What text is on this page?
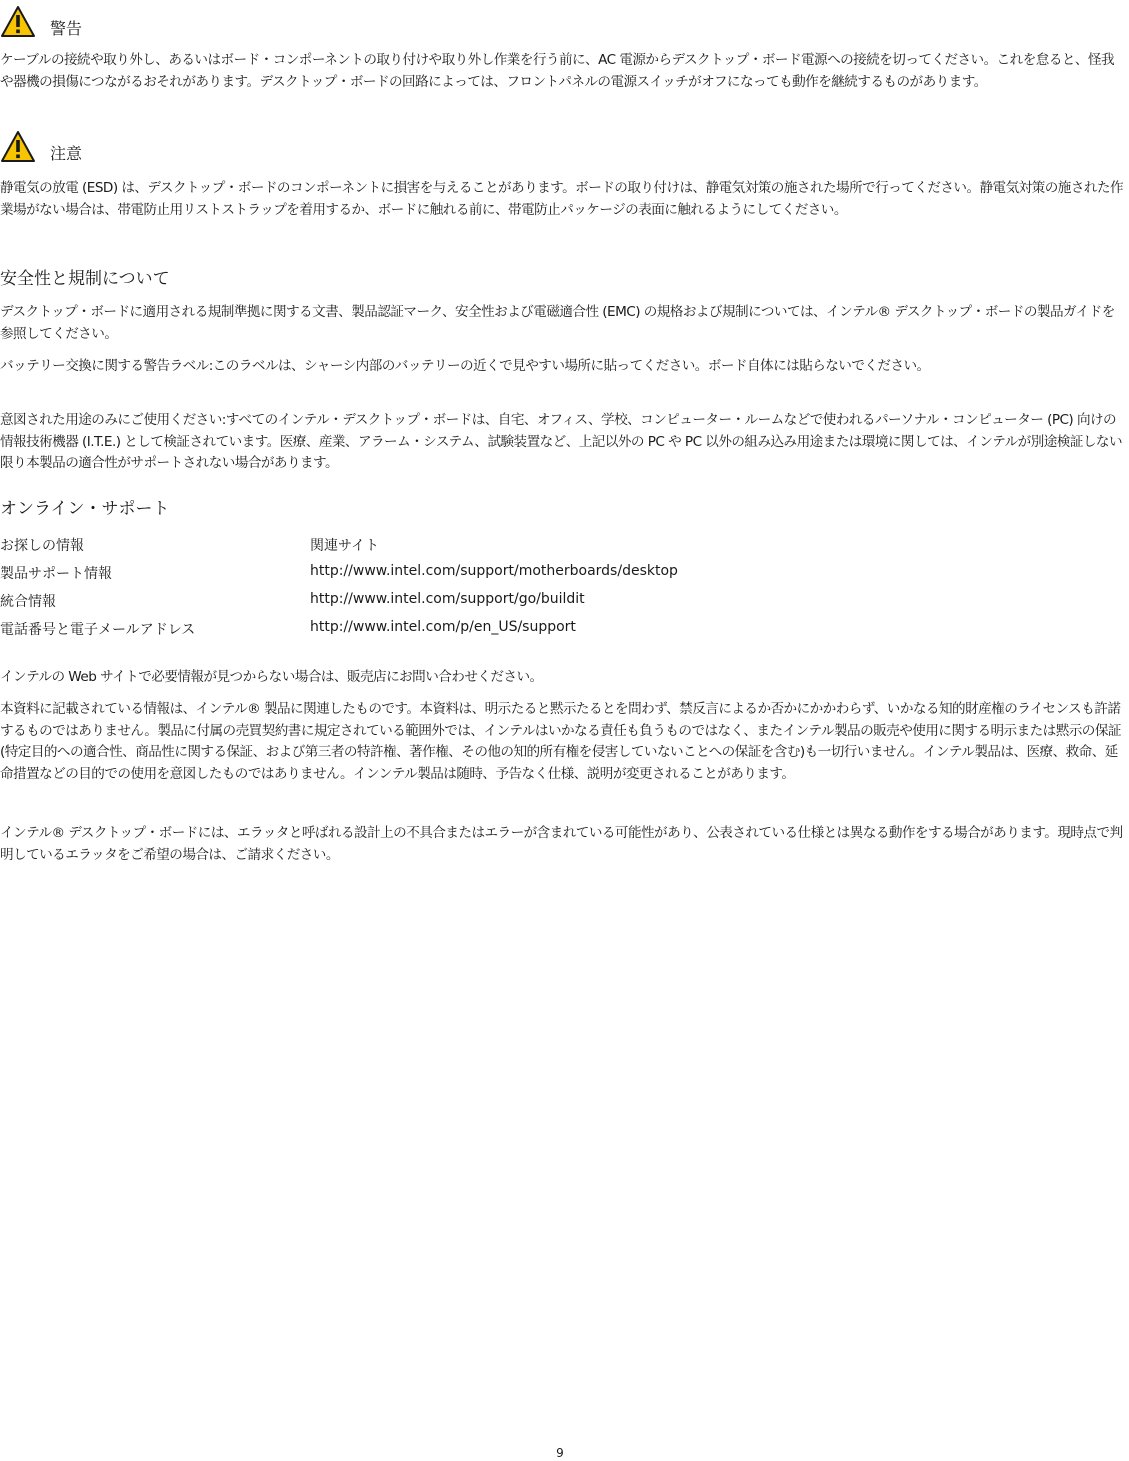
警告

ケーブルの接続や取り外し、あるいはボード・コンポーネントの取り付けや取り外し作業を行う前に、AC 電源からデスクトップ・ボード電源への接続を切ってください。これを怠ると、怪我や器機の損傷につながるおそれがあります。デスクトップ・ボードの回路によっては、フロントパネルの電源スイッチがオフになっても動作を継続するものがあります。

注意

静電気の放電 (ESD) は、デスクトップ・ボードのコンポーネントに損害を与えることがあります。ボードの取り付けは、静電気対策の施された場所で行ってください。静電気対策の施された作業場がない場合は、帯電防止用リストストラップを着用するか、ボードに触れる前に、帯電防止パッケージの表面に触れるようにしてください。

安全性と規制について

デスクトップ・ボードに適用される規制準拠に関する文書、製品認証マーク、安全性および電磁適合性 (EMC) の規格および規制については、インテル® デスクトップ・ボードの製品ガイドを参照してください。

バッテリー交換に関する警告ラベル:このラベルは、シャーシ内部のバッテリーの近くで見やすい場所に貼ってください。ボード自体には貼らないでください。

意図された用途のみにご使用ください:すべてのインテル・デスクトップ・ボードは、自宅、オフィス、学校、コンピューター・ルームなどで使われるパーソナル・コンピューター (PC) 向けの情報技術機器 (I.T.E.) として検証されています。医療、産業、アラーム・システム、試験装置など、上記以外の PC や PC 以外の組み込み用途または環境に関しては、インテルが別途検証しない限り本製品の適合性がサポートされない場合があります。

オンライン・サポート
お探しの情報	関連サイト
製品サポート情報	http://www.intel.com/support/motherboards/desktop
統合情報	http://www.intel.com/support/go/buildit
電話番号と電子メールアドレス	http://www.intel.com/p/en_US/support

インテルの Web サイトで必要情報が見つからない場合は、販売店にお問い合わせください。

本資料に記載されている情報は、インテル® 製品に関連したものです。本資料は、明示たると黙示たるとを問わず、禁反言によるか否かにかかわらず、いかなる知的財産権のライセンスも許諾するものではありません。製品に付属の売買契約書に規定されている範囲外では、インテルはいかなる責任も負うものではなく、またインテル製品の販売や使用に関する明示または黙示の保証(特定目的への適合性、商品性に関する保証、および第三者の特許権、著作権、その他の知的所有権を侵害していないことへの保証を含む)も一切行いません。インテル製品は、医療、救命、延命措置などの目的での使用を意図したものではありません。インンテル製品は随時、予告なく仕様、説明が変更されることがあります。

インテル® デスクトップ・ボードには、エラッタと呼ばれる設計上の不具合またはエラーが含まれている可能性があり、公表されている仕様とは異なる動作をする場合があります。現時点で判明しているエラッタをご希望の場合は、ご請求ください。

9
